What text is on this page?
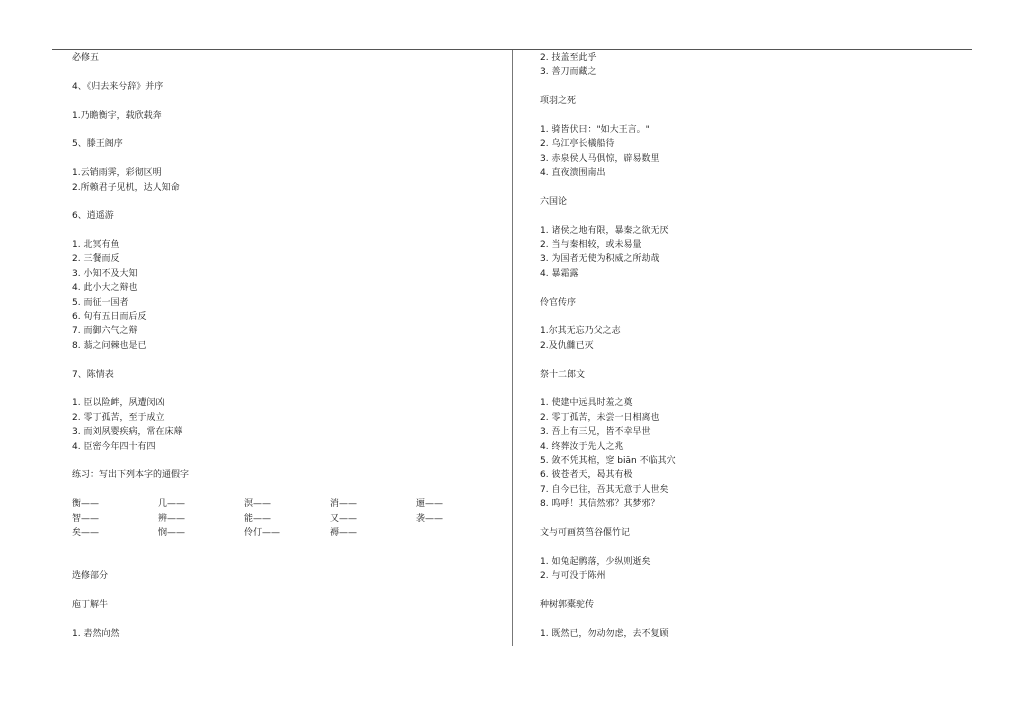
必修五
4、《归去来兮辞》并序
1.乃瞻衡宇，载欣载奔
5、滕王阁序
1.云销雨霁，彩彻区明
2.所赖君子见机，达人知命
6、逍遥游
1. 北冥有鱼
2. 三餐而反
3. 小知不及大知
4. 此小大之辩也
5. 而征一国者
6. 旬有五日而后反
7. 而御六气之辩
8. 蓊之问棘也是已
7、陈情表
1. 臣以险衅，夙遭闵凶
2. 零丁孤苦，至于成立
3. 而刘夙婴疾病，常在床蓐
4. 臣密今年四十有四
练习：写出下列本字的通假字
衡——	几——	溟——	消——	逦——
智——	辨——	能——	又——	袭——
矣——	悯——	伶仃——	褥——
选修部分
庖丁解牛
1. 砉然向然
2. 技盖至此乎
3. 善刀而藏之
项羽之死
1. 骑皆伏曰："如大王言。"
2. 乌江亭长檥船待
3. 赤泉侯人马俱惊，辟易数里
4. 直夜溃围南出
六国论
1. 诸侯之地有限，暴秦之欲无厌
2. 当与秦相较，或未易量
3. 为国者无使为积威之所劫哉
4. 暴霜露
伶官传序
1.尔其无忘乃父之志
2.及仇雠已灭
祭十二郎文
1. 使建中远具时羞之奠
2. 零丁孤苦，未尝一日相离也
3. 吾上有三兄，皆不幸早世
4. 终葬汝于先人之兆
5. 敛不凭其棺，窆 biān 不临其穴
6. 彼苍者天，曷其有极
7. 自今已往，吾其无意于人世矣
8. 呜呼！其信然邪？其梦邪？
文与可画筼筜谷偃竹记
1. 如兔起鹘落，少纵则逝矣
2. 与可没于陈州
种树郭橐驼传
1. 既然已，勿动勿虑，去不复顾
